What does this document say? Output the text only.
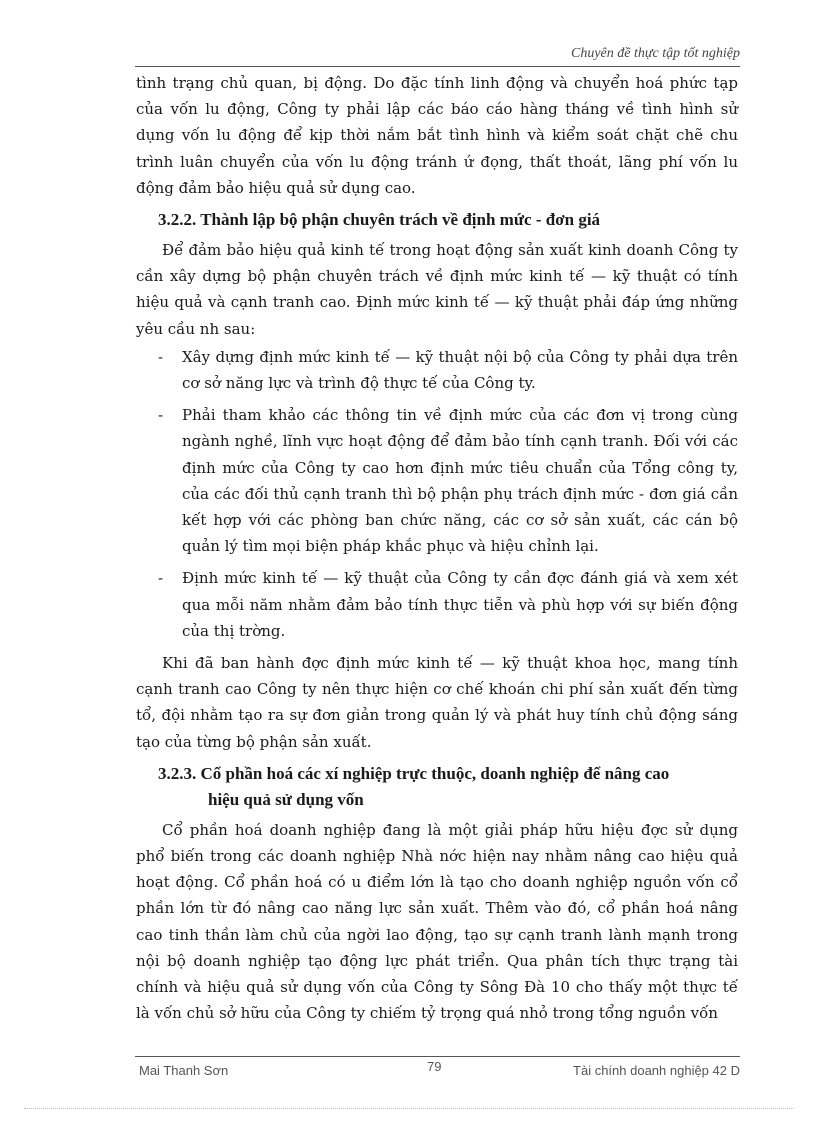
Chuyên đề thực tập tốt nghiệp

tình trạng chủ quan, bị động. Do đặc tính linh động và chuyển hoá phức tạp của vốn lu động, Công ty phải lập các báo cáo hàng tháng về tình hình sử dụng vốn lu động để kịp thời nắm bắt tình hình và kiểm soát chặt chẽ chu trình luân chuyển của vốn lu động tránh ứ đọng, thất thoát, lãng phí vốn lu động đảm bảo hiệu quả sử dụng cao.

3.2.2. Thành lập bộ phận chuyên trách về định mức - đơn giá

Để đảm bảo hiệu quả kinh tế trong hoạt động sản xuất kinh doanh Công ty cần xây dựng bộ phận chuyên trách về định mức kinh tế — kỹ thuật có tính hiệu quả và cạnh tranh cao. Định mức kinh tế — kỹ thuật phải đáp ứng những yêu cầu nh sau:

- Xây dựng định mức kinh tế — kỹ thuật nội bộ của Công ty phải dựa trên cơ sở năng lực và trình độ thực tế của Công ty.
- Phải tham khảo các thông tin về định mức của các đơn vị trong cùng ngành nghề, lĩnh vực hoạt động để đảm bảo tính cạnh tranh. Đối với các định mức của Công ty cao hơn định mức tiêu chuẩn của Tổng công ty, của các đối thủ cạnh tranh thì bộ phận phụ trách định mức - đơn giá cần kết hợp với các phòng ban chức năng, các cơ sở sản xuất, các cán bộ quản lý tìm mọi biện pháp khắc phục và hiệu chỉnh lại.
- Định mức kinh tế — kỹ thuật của Công ty cần đợc đánh giá và xem xét qua mỗi năm nhằm đảm bảo tính thực tiễn và phù hợp với sự biến động của thị trờng.

Khi đã ban hành đợc định mức kinh tế — kỹ thuật khoa học, mang tính cạnh tranh cao Công ty nên thực hiện cơ chế khoán chi phí sản xuất đến từng tổ, đội nhằm tạo ra sự đơn giản trong quản lý và phát huy tính chủ động sáng tạo của từng bộ phận sản xuất.

3.2.3. Cổ phần hoá các xí nghiệp trực thuộc, doanh nghiệp để nâng cao
hiệu quả sử dụng vốn

Cổ phần hoá doanh nghiệp đang là một giải pháp hữu hiệu đợc sử dụng phổ biến trong các doanh nghiệp Nhà nớc hiện nay nhằm nâng cao hiệu quả hoạt động. Cổ phần hoá có u điểm lớn là tạo cho doanh nghiệp nguồn vốn cổ phần lớn từ đó nâng cao năng lực sản xuất. Thêm vào đó, cổ phần hoá nâng cao tinh thần làm chủ của ngời lao động, tạo sự cạnh tranh lành mạnh trong nội bộ doanh nghiệp tạo động lực phát triển. Qua phân tích thực trạng tài chính và hiệu quả sử dụng vốn của Công ty Sông Đà 10 cho thấy một thực tế là vốn chủ sở hữu của Công ty chiếm tỷ trọng quá nhỏ trong tổng nguồn vốn

Mai Thanh Sơn	79	Tài chính doanh nghiệp 42 D
